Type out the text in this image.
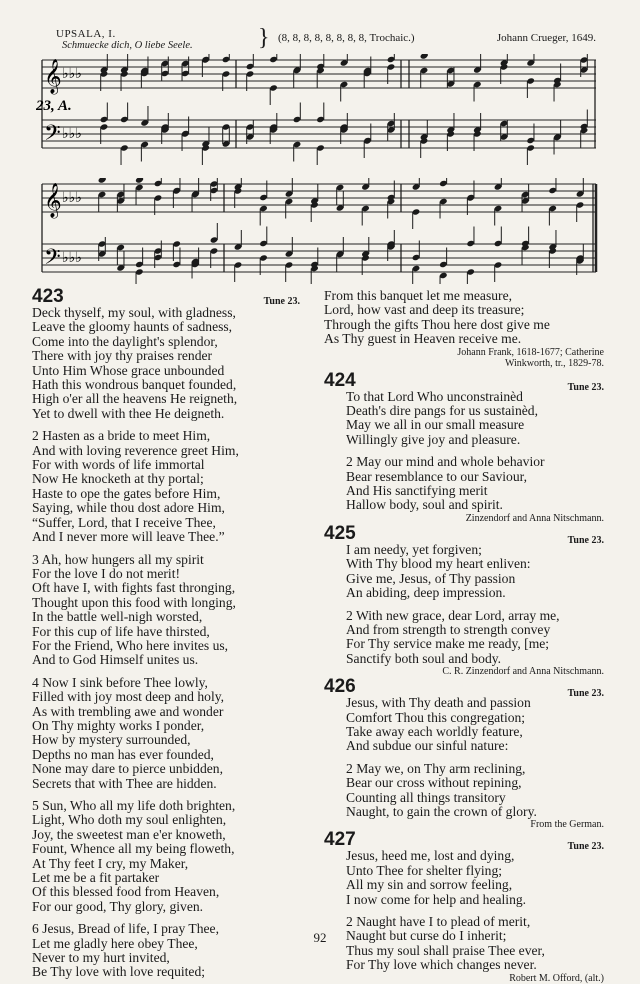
UPSALA, I.
Schmuecke dich, O liebe Seele.	} (8, 8, 8, 8, 8, 8, 8, 8, Trochaic.)	Johann Crueger, 1649.
𝄞
𝄢
♭♭♭
♭♭♭
23, A.
𝄞
𝄢
♭♭♭
♭♭♭
423	Tune 23.
Deck thyself, my soul, with gladness,
Leave the gloomy haunts of sadness,
Come into the daylight's splendor,
There with joy thy praises render
Unto Him Whose grace unbounded
Hath this wondrous banquet founded,
High o'er all the heavens He reigneth,
Yet to dwell with thee He deigneth.
2 Hasten as a bride to meet Him,
And with loving reverence greet Him,
For with words of life immortal
Now He knocketh at thy portal;
Haste to ope the gates before Him,
Saying, while thou dost adore Him,
“Suffer, Lord, that I receive Thee,
And I never more will leave Thee.”
3 Ah, how hungers all my spirit
For the love I do not merit!
Oft have I, with fights fast thronging,
Thought upon this food with longing,
In the battle well-nigh worsted,
For this cup of life have thirsted,
For the Friend, Who here invites us,
And to God Himself unites us.
4 Now I sink before Thee lowly,
Filled with joy most deep and holy,
As with trembling awe and wonder
On Thy mighty works I ponder,
How by mystery surrounded,
Depths no man has ever founded,
None may dare to pierce unbidden,
Secrets that with Thee are hidden.
5 Sun, Who all my life doth brighten,
Light, Who doth my soul enlighten,
Joy, the sweetest man e'er knoweth,
Fount, Whence all my being floweth,
At Thy feet I cry, my Maker,
Let me be a fit partaker
Of this blessed food from Heaven,
For our good, Thy glory, given.
6 Jesus, Bread of life, I pray Thee,
Let me gladly here obey Thee,
Never to my hurt invited,
Be Thy love with love requited;
From this banquet let me measure,
Lord, how vast and deep its treasure;
Through the gifts Thou here dost give me
As Thy guest in Heaven receive me.
Johann Frank, 1618-1677; Catherine
Winkworth, tr., 1829-78.
424	Tune 23.
To that Lord Who unconstrainèd
Death's dire pangs for us sustainèd,
May we all in our small measure
Willingly give joy and pleasure.
2 May our mind and whole behavior
Bear resemblance to our Saviour,
And His sanctifying merit
Hallow body, soul and spirit.
Zinzendorf and Anna Nitschmann.
425	Tune 23.
I am needy, yet forgiven;
With Thy blood my heart enliven:
Give me, Jesus, of Thy passion
An abiding, deep impression.
2 With new grace, dear Lord, array me,
And from strength to strength convey
For Thy service make me ready, [me;
Sanctify both soul and body.
C. R. Zinzendorf and Anna Nitschmann.
426	Tune 23.
Jesus, with Thy death and passion
Comfort Thou this congregation;
Take away each worldly feature,
And subdue our sinful nature:
2 May we, on Thy arm reclining,
Bear our cross without repining,
Counting all things transitory
Naught, to gain the crown of glory.
From the German.
427	Tune 23.
Jesus, heed me, lost and dying,
Unto Thee for shelter flying;
All my sin and sorrow feeling,
I now come for help and healing.
2 Naught have I to plead of merit,
Naught but curse do I inherit;
Thus my soul shall praise Thee ever,
For Thy love which changes never.
Robert M. Offord, (alt.)
92
